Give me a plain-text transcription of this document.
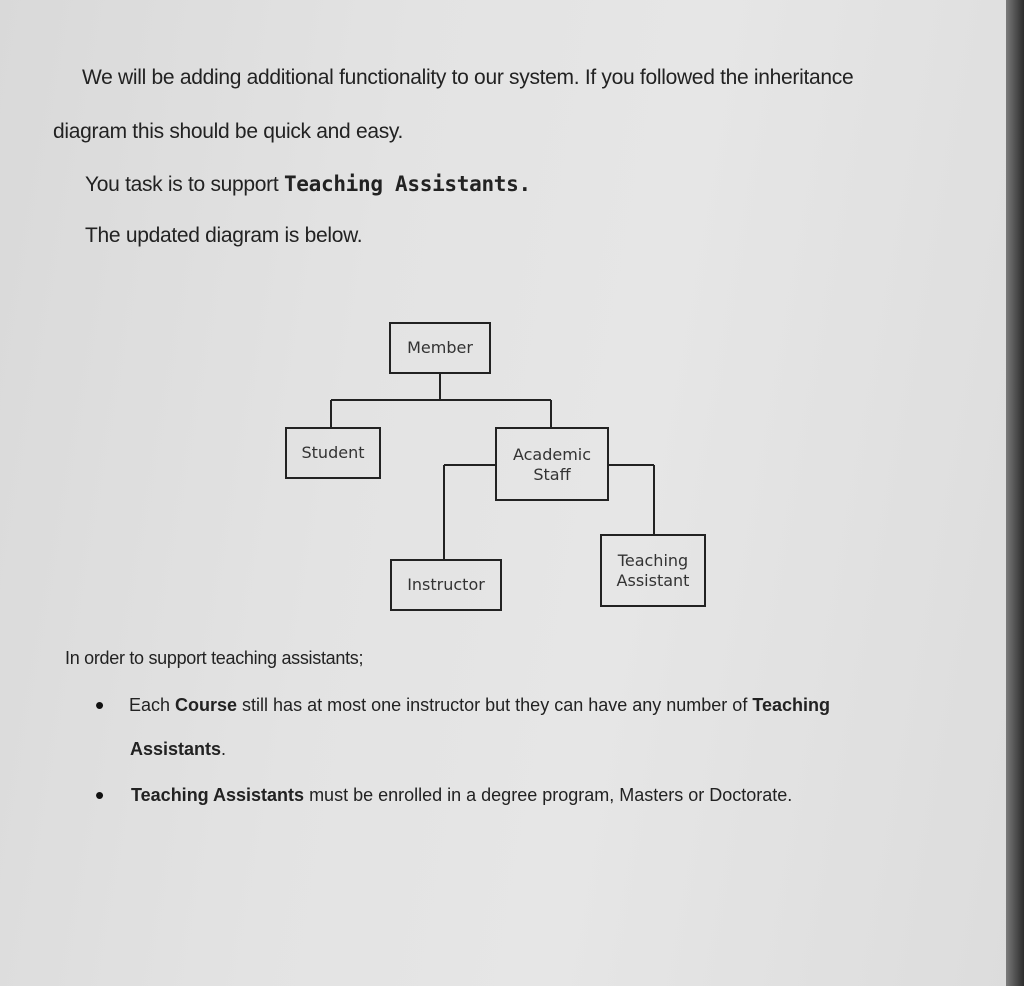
We will be adding additional functionality to our system. If you followed the inheritance
diagram this should be quick and easy.
You task is to support Teaching Assistants.
The updated diagram is below.
Member
Student	Academic
Staff
Instructor
Teaching
Assistant
In order to support teaching assistants;
• Each Course still has at most one instructor but they can have any number of Teaching
Assistants.
• Teaching Assistants must be enrolled in a degree program, Masters or Doctorate.
